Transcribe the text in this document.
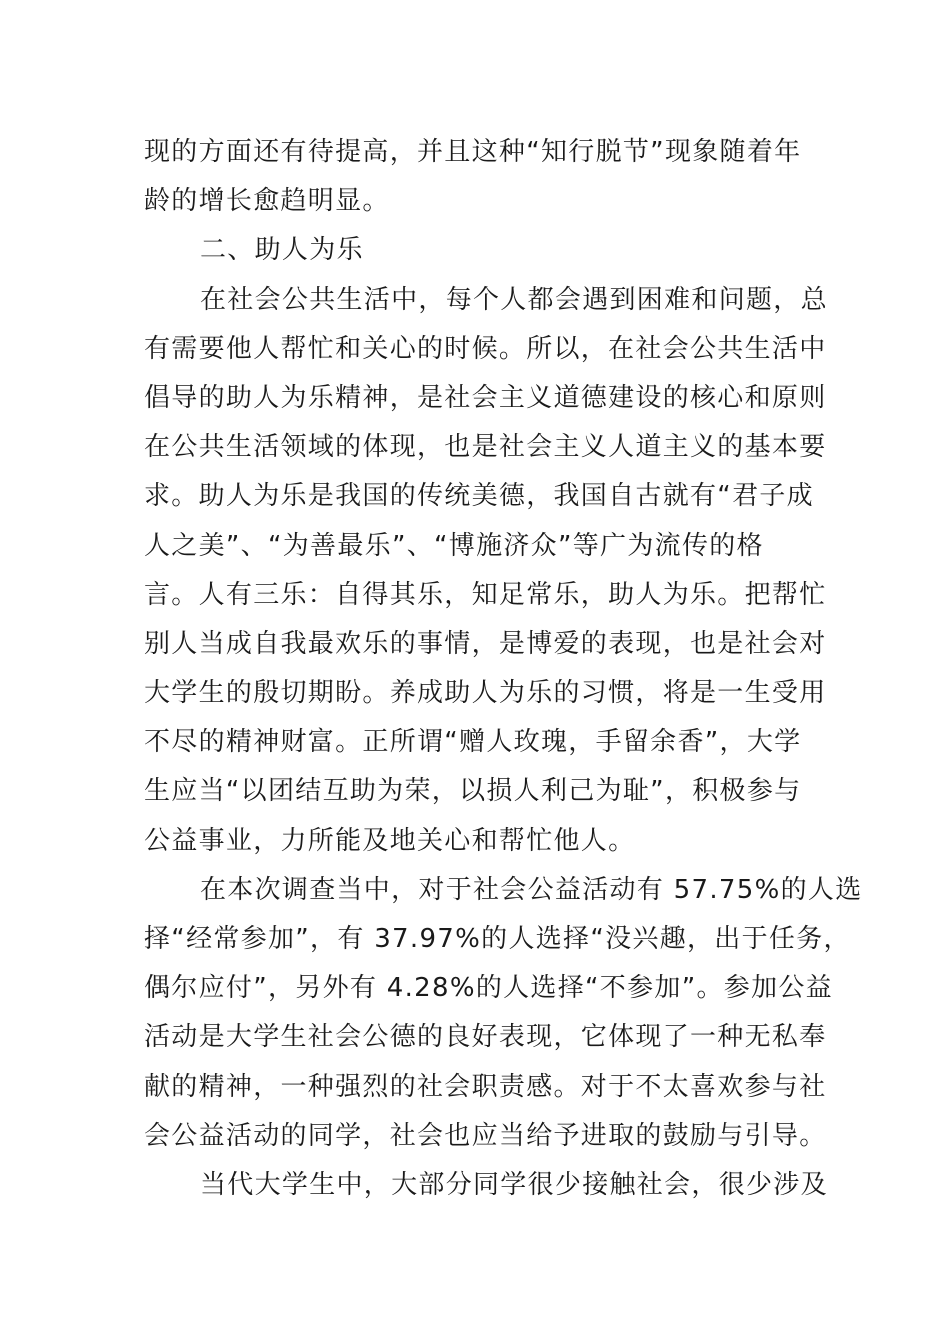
现的方面还有待提高，并且这种“知行脱节”现象随着年
龄的增长愈趋明显。
二、助人为乐
在社会公共生活中，每个人都会遇到困难和问题，总
有需要他人帮忙和关心的时候。所以，在社会公共生活中
倡导的助人为乐精神，是社会主义道德建设的核心和原则
在公共生活领域的体现，也是社会主义人道主义的基本要
求。助人为乐是我国的传统美德，我国自古就有“君子成
人之美”、“为善最乐”、“博施济众”等广为流传的格
言。人有三乐：自得其乐，知足常乐，助人为乐。把帮忙
别人当成自我最欢乐的事情，是博爱的表现，也是社会对
大学生的殷切期盼。养成助人为乐的习惯，将是一生受用
不尽的精神财富。正所谓“赠人玫瑰，手留余香”，大学
生应当“以团结互助为荣，以损人利己为耻”，积极参与
公益事业，力所能及地关心和帮忙他人。
在本次调查当中，对于社会公益活动有 57.75%的人选
择“经常参加”，有 37.97%的人选择“没兴趣，出于任务，
偶尔应付”，另外有 4.28%的人选择“不参加”。参加公益
活动是大学生社会公德的良好表现，它体现了一种无私奉
献的精神，一种强烈的社会职责感。对于不太喜欢参与社
会公益活动的同学，社会也应当给予进取的鼓励与引导。
当代大学生中，大部分同学很少接触社会，很少涉及
